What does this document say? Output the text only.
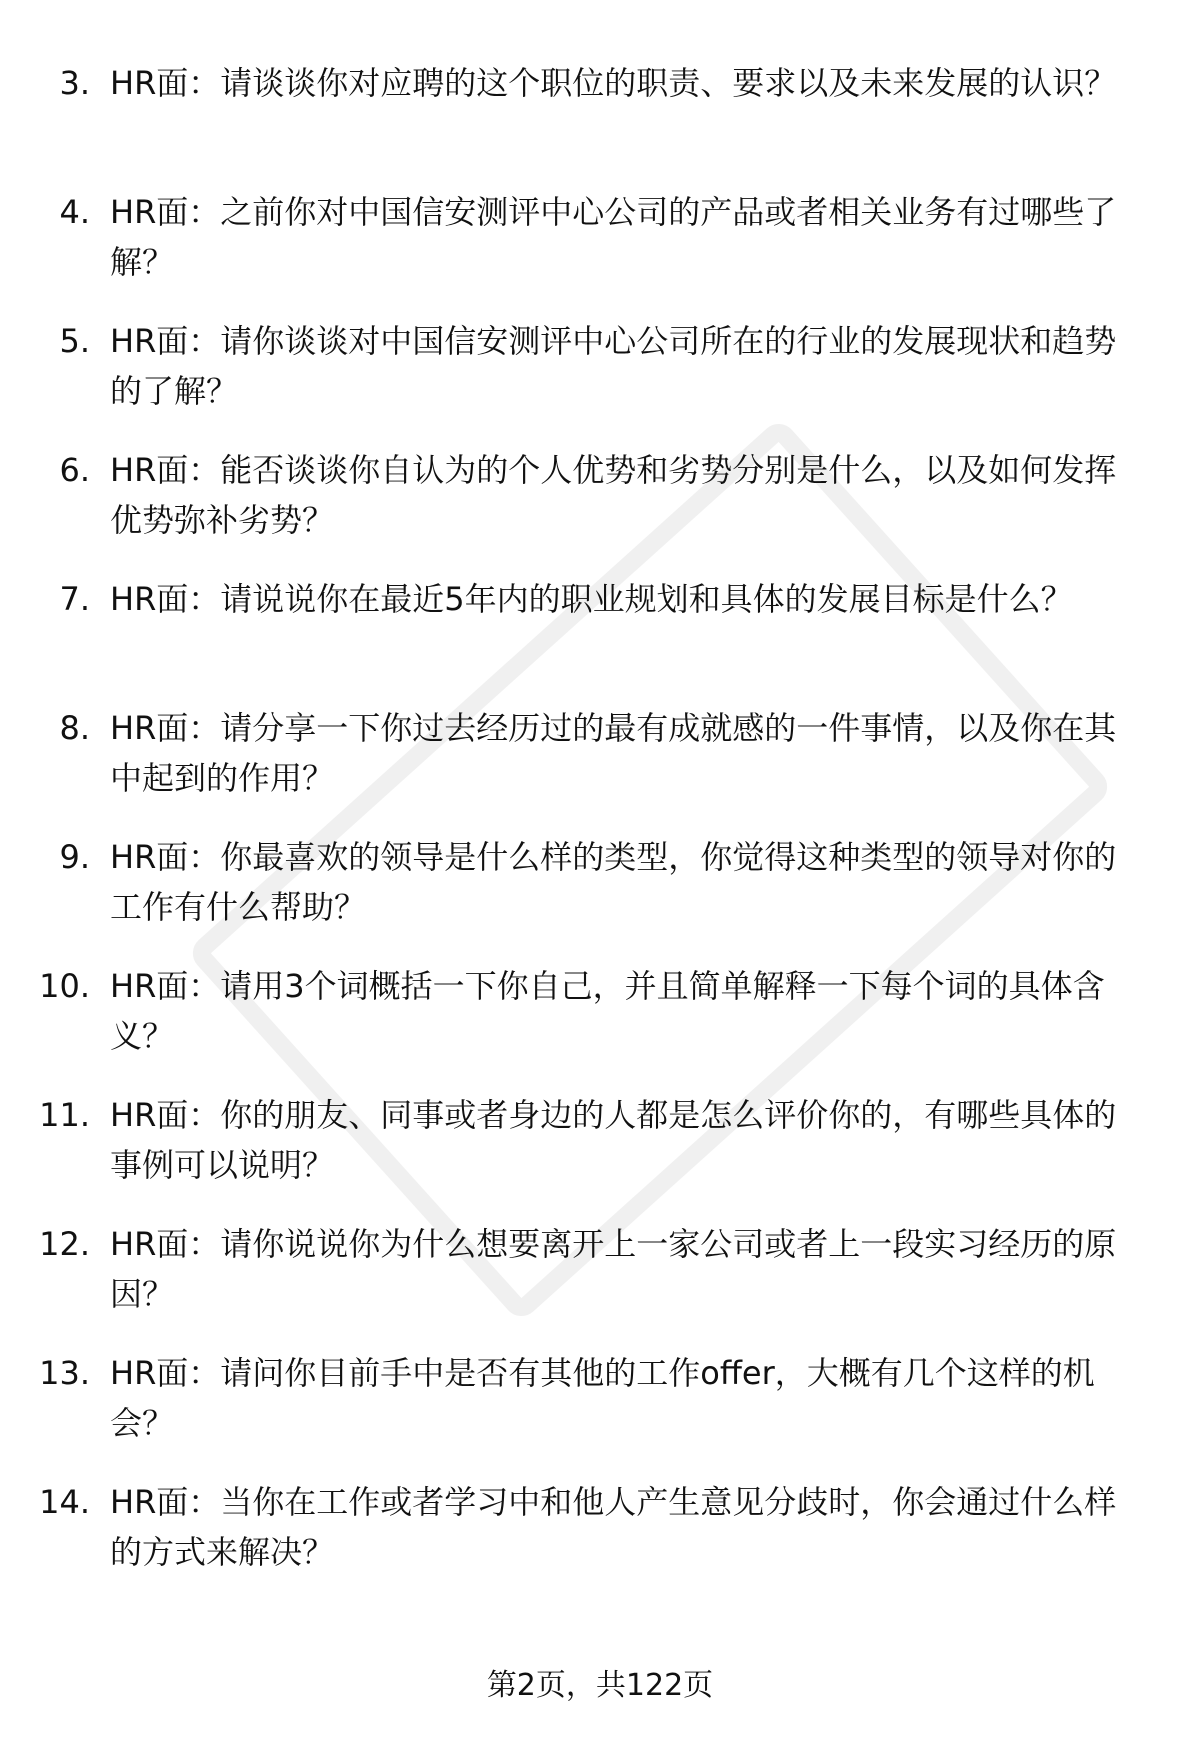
3. HR面：请谈谈你对应聘的这个职位的职责、要求以及未来发展的认识？
4. HR面：之前你对中国信安测评中心公司的产品或者相关业务有过哪些了解？
5. HR面：请你谈谈对中国信安测评中心公司所在的行业的发展现状和趋势的了解？
6. HR面：能否谈谈你自认为的个人优势和劣势分别是什么，以及如何发挥优势弥补劣势？
7. HR面：请说说你在最近5年内的职业规划和具体的发展目标是什么？
8. HR面：请分享一下你过去经历过的最有成就感的一件事情，以及你在其中起到的作用？
9. HR面：你最喜欢的领导是什么样的类型，你觉得这种类型的领导对你的工作有什么帮助？
10. HR面：请用3个词概括一下你自己，并且简单解释一下每个词的具体含义？
11. HR面：你的朋友、同事或者身边的人都是怎么评价你的，有哪些具体的事例可以说明？
12. HR面：请你说说你为什么想要离开上一家公司或者上一段实习经历的原因？
13. HR面：请问你目前手中是否有其他的工作offer，大概有几个这样的机会？
14. HR面：当你在工作或者学习中和他人产生意见分歧时，你会通过什么样的方式来解决？
第2页，共122页
